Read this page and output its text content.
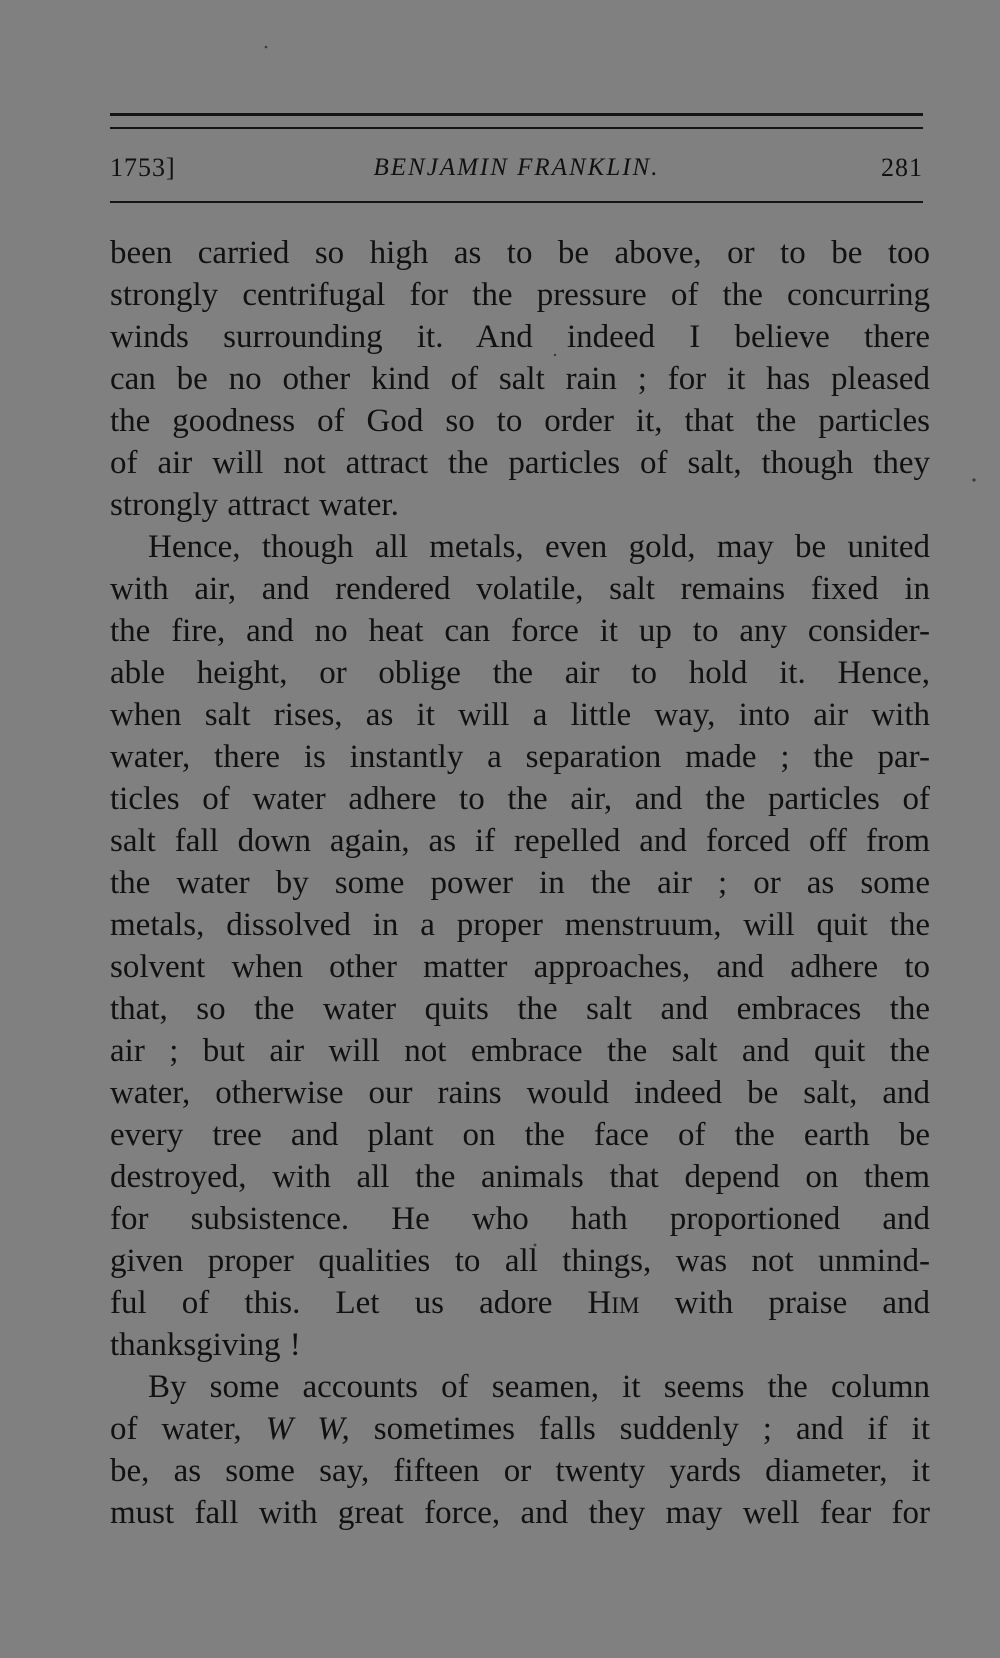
1753]	BENJAMIN FRANKLIN.	281
been carried so high as to be above, or to be too
strongly centrifugal for the pressure of the concurring
winds surrounding it. And indeed I believe there
can be no other kind of salt rain ; for it has pleased
the goodness of God so to order it, that the particles
of air will not attract the particles of salt, though they
strongly attract water.
Hence, though all metals, even gold, may be united
with air, and rendered volatile, salt remains fixed in
the fire, and no heat can force it up to any consider-
able height, or oblige the air to hold it. Hence,
when salt rises, as it will a little way, into air with
water, there is instantly a separation made ; the par-
ticles of water adhere to the air, and the particles of
salt fall down again, as if repelled and forced off from
the water by some power in the air ; or as some
metals, dissolved in a proper menstruum, will quit the
solvent when other matter approaches, and adhere to
that, so the water quits the salt and embraces the
air ; but air will not embrace the salt and quit the
water, otherwise our rains would indeed be salt, and
every tree and plant on the face of the earth be
destroyed, with all the animals that depend on them
for subsistence. He who hath proportioned and
given proper qualities to all things, was not unmind-
ful of this. Let us adore Him with praise and
thanksgiving !
By some accounts of seamen, it seems the column
of water, W W, sometimes falls suddenly ; and if it
be, as some say, fifteen or twenty yards diameter, it
must fall with great force, and they may well fear for
